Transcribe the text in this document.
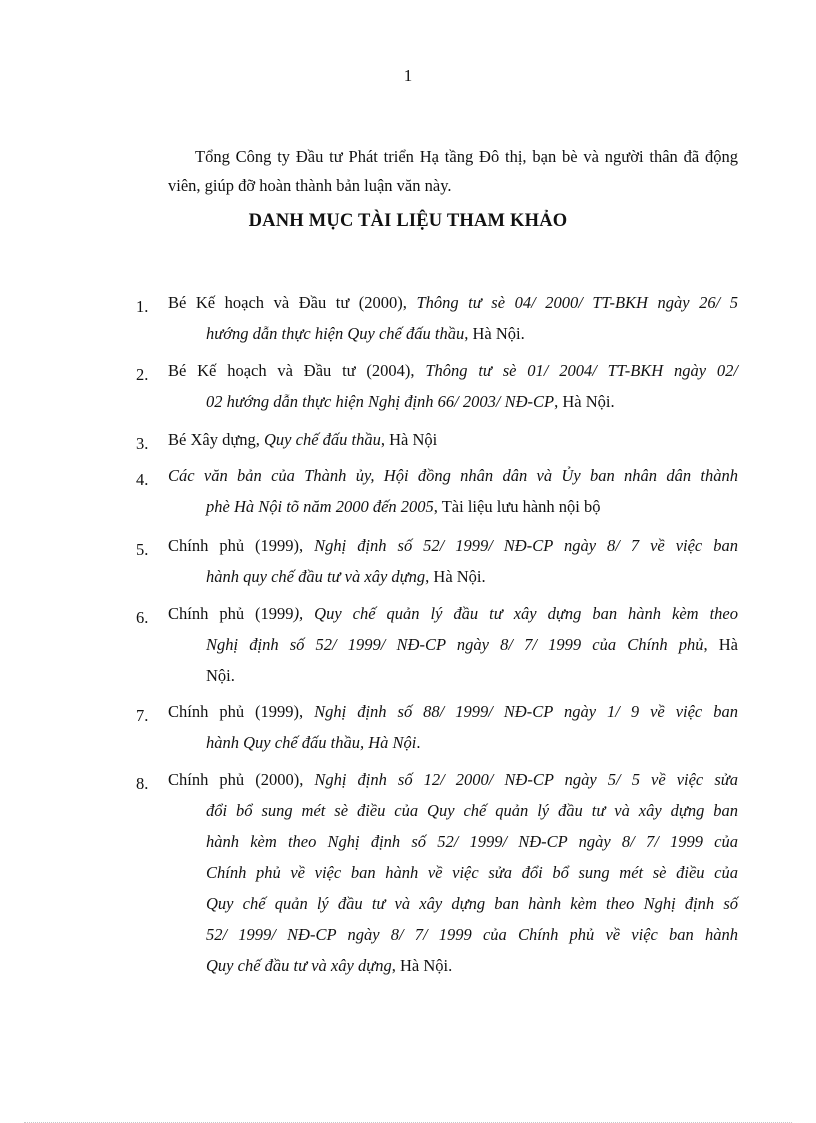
1
Tổng Công ty Đầu tư Phát triển Hạ tầng Đô thị, bạn bè và người thân đã động viên, giúp đỡ hoàn thành bản luận văn này.
DANH MỤC TÀI LIỆU THAM KHẢO
1. Bé Kế hoạch và Đầu tư (2000), Thông tư sè 04/ 2000/ TT-BKH ngày 26/ 5
hướng dẫn thực hiện Quy chế đấu thầu, Hà Nội.
2. Bé Kế hoạch và Đầu tư (2004), Thông tư sè 01/ 2004/ TT-BKH ngày 02/
02 hướng dẫn thực hiện Nghị định 66/ 2003/ NĐ-CP, Hà Nội.
3. Bé Xây dựng, Quy chế đấu thầu, Hà Nội
4. Các văn bản của Thành ủy, Hội đồng nhân dân và Ủy ban nhân dân thành
phè Hà Nội tõ năm 2000 đến 2005, Tài liệu lưu hành nội bộ
5. Chính phủ (1999), Nghị định số 52/ 1999/ NĐ-CP ngày 8/ 7 về việc ban
hành quy chế đầu tư và xây dựng, Hà Nội.
6. Chính phủ (1999), Quy chế quản lý đầu tư xây dựng ban hành kèm theo
Nghị định số 52/ 1999/ NĐ-CP ngày 8/ 7/ 1999 của Chính phủ, Hà
Nội.
7. Chính phủ (1999), Nghị định số 88/ 1999/ NĐ-CP ngày 1/ 9 về việc ban
hành Quy chế đấu thầu, Hà Nội.
8. Chính phủ (2000), Nghị định số 12/ 2000/ NĐ-CP ngày 5/ 5 về việc sửa
đổi bổ sung mét sè điều của Quy chế quản lý đầu tư và xây dựng ban
hành kèm theo Nghị định số 52/ 1999/ NĐ-CP ngày 8/ 7/ 1999 của
Chính phủ về việc ban hành về việc sửa đổi bổ sung mét sè điều của
Quy chế quản lý đầu tư và xây dựng ban hành kèm theo Nghị định số
52/ 1999/ NĐ-CP ngày 8/ 7/ 1999 của Chính phủ về việc ban hành
Quy chế đầu tư và xây dựng, Hà Nội.
